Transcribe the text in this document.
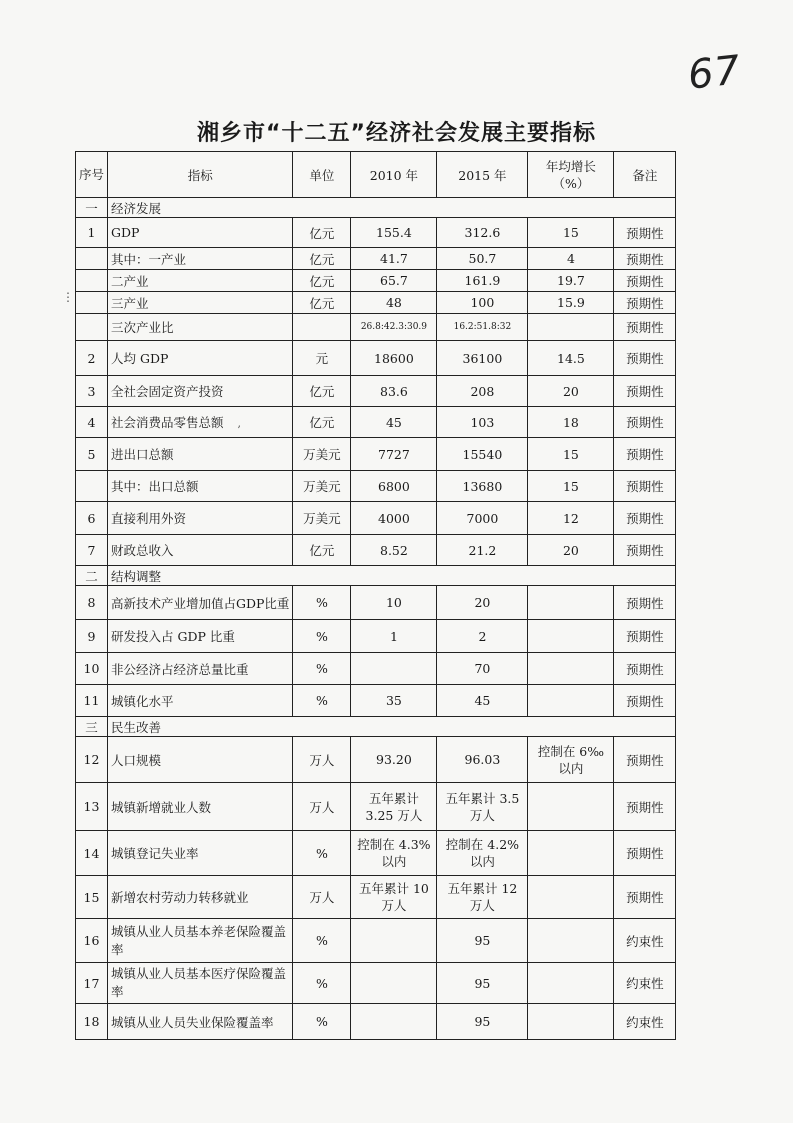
67
湘乡市“十二五”经济社会发展主要指标
⋮
序号	指标	单位	2010 年	2015 年	年均增长（%）	备注
一	经济发展					
1	GDP	亿元	155.4	312.6	15	预期性
	其中：一产业	亿元	41.7	50.7	4	预期性
	二产业	亿元	65.7	161.9	19.7	预期性
	三产业	亿元	48	100	15.9	预期性
	三次产业比		26.8:42.3:30.9	16.2:51.8:32		预期性
2	人均 GDP	元	18600	36100	14.5	预期性
3	全社会固定资产投资	亿元	83.6	208	20	预期性
4	社会消费品零售总额 ,	亿元	45	103	18	预期性
5	进出口总额	万美元	7727	15540	15	预期性
	其中：出口总额	万美元	6800	13680	15	预期性
6	直接利用外资	万美元	4000	7000	12	预期性
7	财政总收入	亿元	8.52	21.2	20	预期性
二	结构调整					
8	高新技术产业增加值占GDP比重	%	10	20		预期性
9	研发投入占 GDP 比重	%	1	2		预期性
10	非公经济占经济总量比重	%		70		预期性
11	城镇化水平	%	35	45		预期性
三	民生改善					
12	人口规模	万人	93.20	96.03	控制在 6‰ 以内	预期性
13	城镇新增就业人数	万人	五年累计 3.25 万人	五年累计 3.5 万人		预期性
14	城镇登记失业率	%	控制在 4.3%以内	控制在 4.2% 以内		预期性
15	新增农村劳动力转移就业	万人	五年累计 10 万人	五年累计 12 万人		预期性
16	城镇从业人员基本养老保险覆盖率	%		95		约束性
17	城镇从业人员基本医疗保险覆盖率	%		95		约束性
18	城镇从业人员失业保险覆盖率	%		95		约束性
